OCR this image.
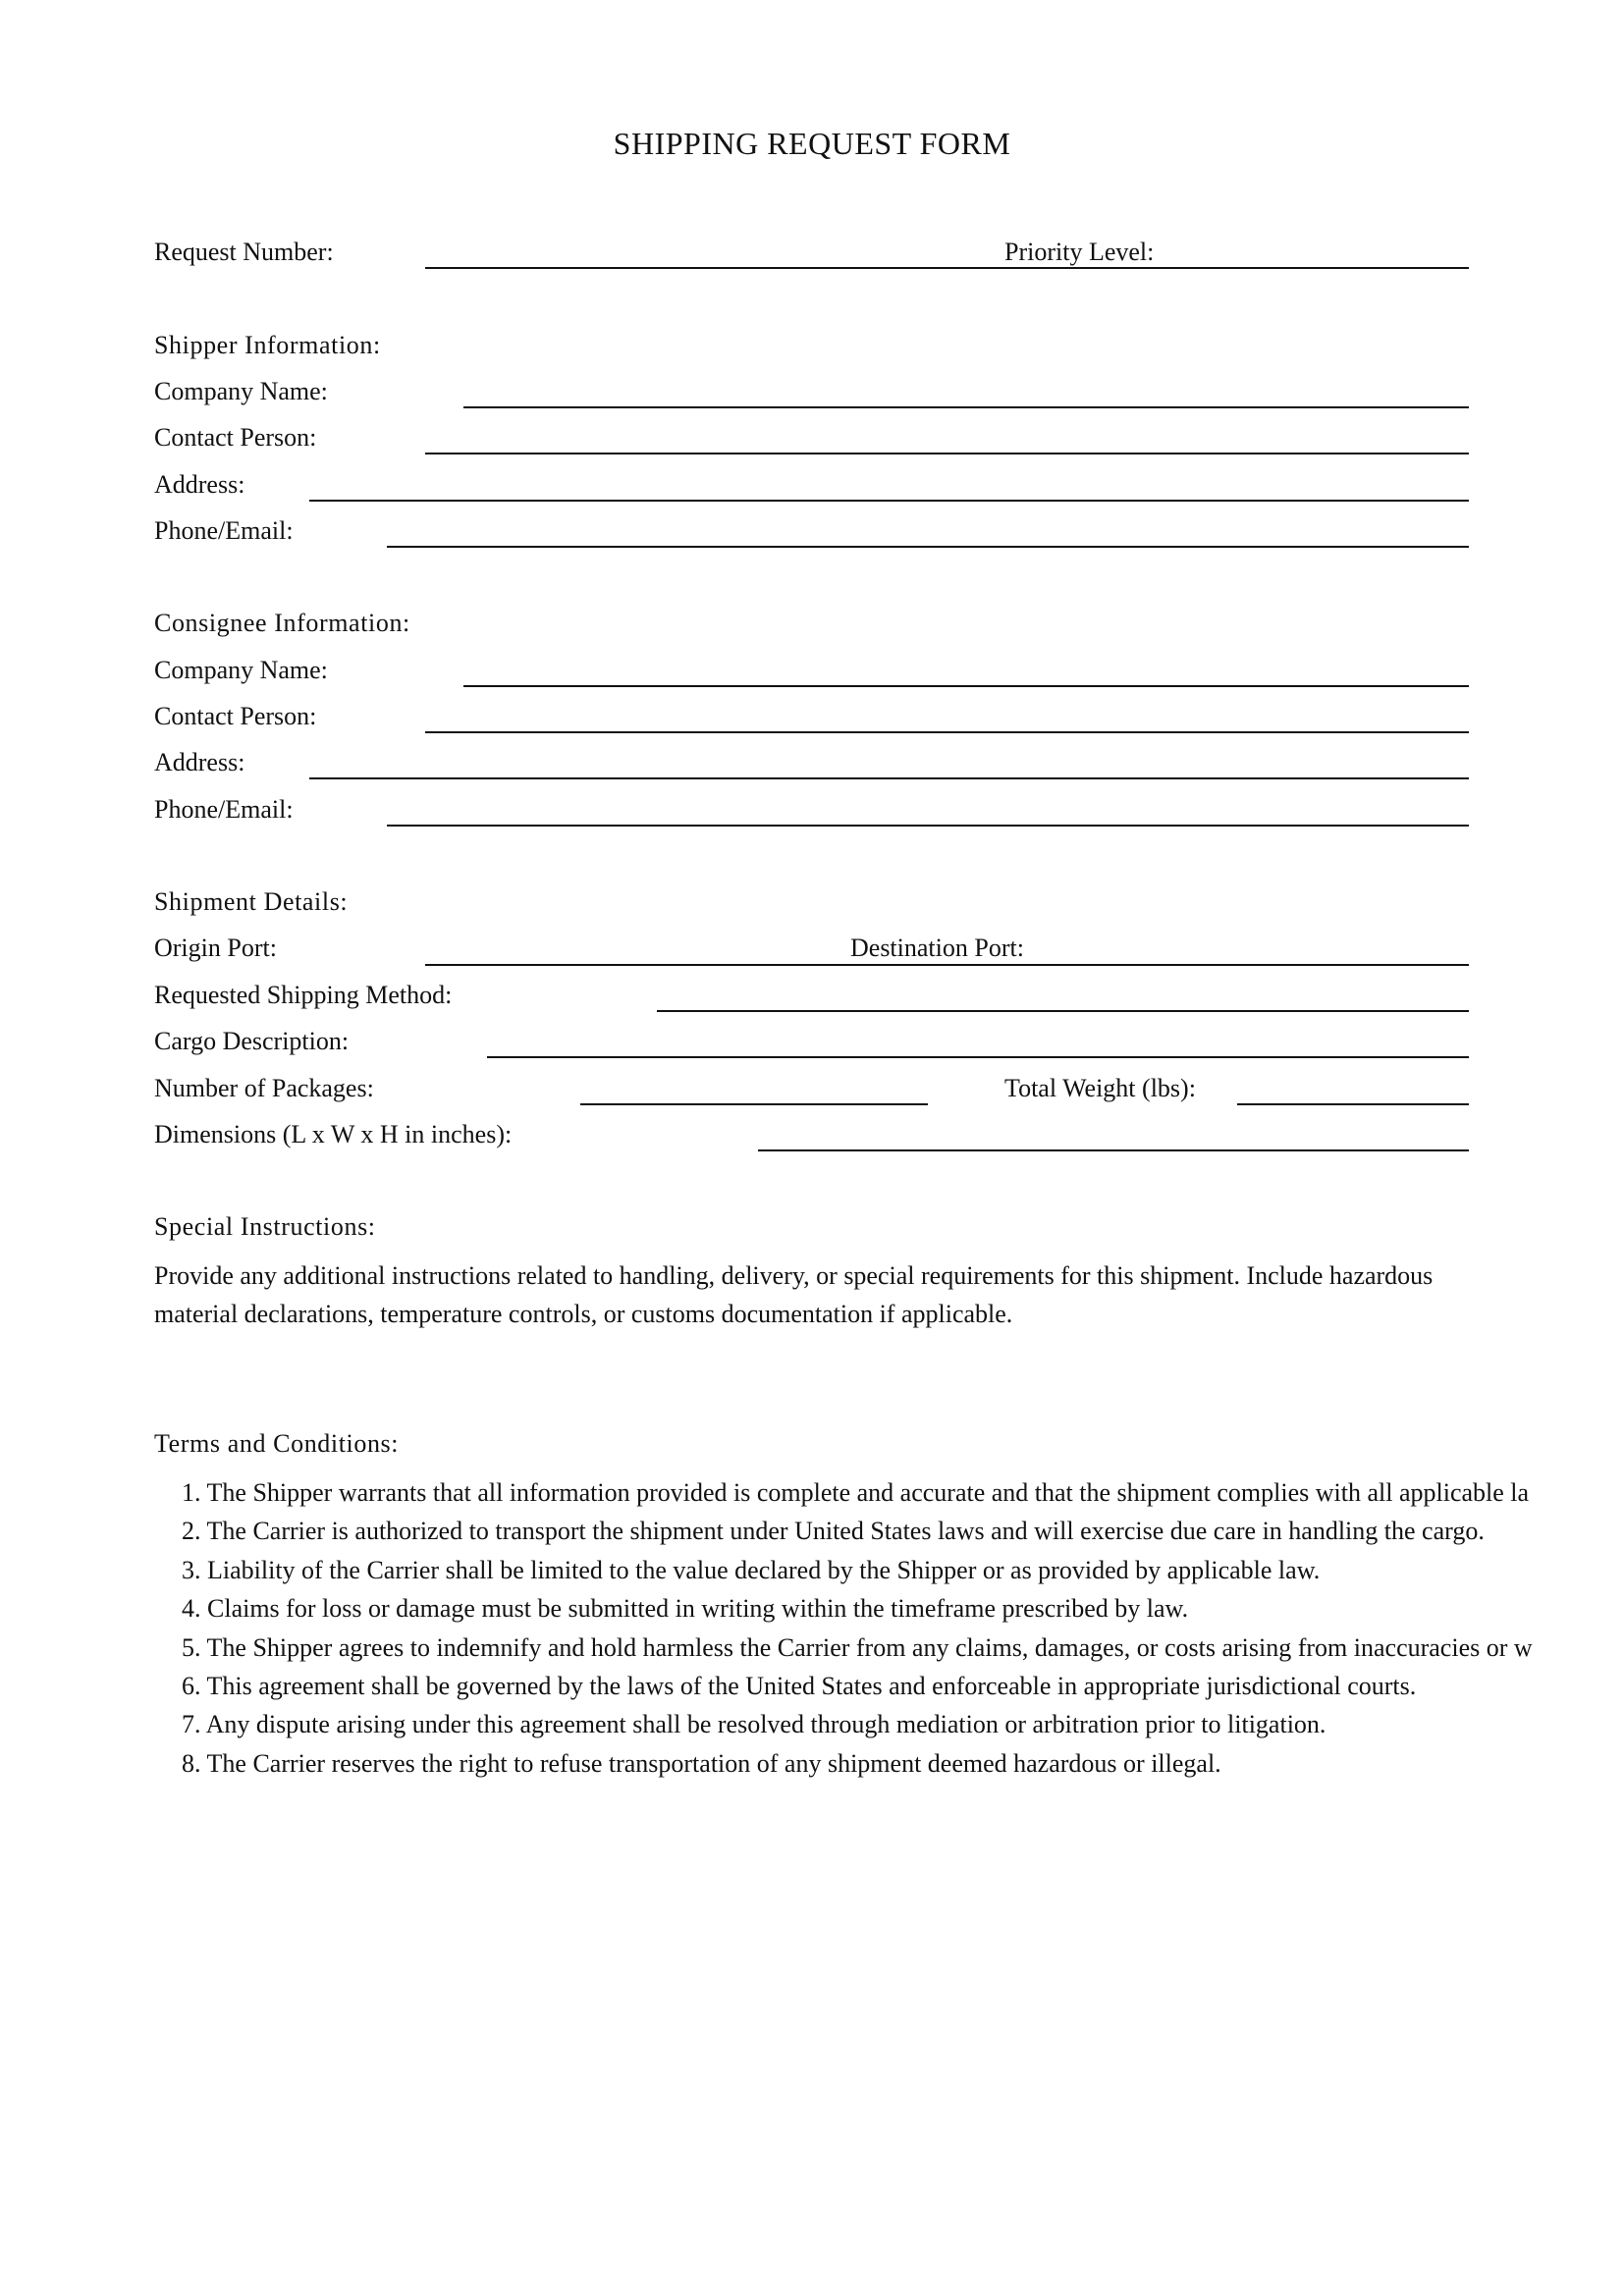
SHIPPING REQUEST FORM
Request Number:	Priority Level:
Shipper Information:
Company Name:
Contact Person:
Address:
Phone/Email:
Consignee Information:
Company Name:
Contact Person:
Address:
Phone/Email:
Shipment Details:
Origin Port:	Destination Port:
Requested Shipping Method:
Cargo Description:
Number of Packages:	Total Weight (lbs):
Dimensions (L x W x H in inches):
Special Instructions:
Provide any additional instructions related to handling, delivery, or special requirements for this shipment. Include hazardous material declarations, temperature controls, or customs documentation if applicable.
Terms and Conditions:
1. The Shipper warrants that all information provided is complete and accurate and that the shipment complies with all applicable la
2. The Carrier is authorized to transport the shipment under United States laws and will exercise due care in handling the cargo.
3. Liability of the Carrier shall be limited to the value declared by the Shipper or as provided by applicable law.
4. Claims for loss or damage must be submitted in writing within the timeframe prescribed by law.
5. The Shipper agrees to indemnify and hold harmless the Carrier from any claims, damages, or costs arising from inaccuracies or w
6. This agreement shall be governed by the laws of the United States and enforceable in appropriate jurisdictional courts.
7. Any dispute arising under this agreement shall be resolved through mediation or arbitration prior to litigation.
8. The Carrier reserves the right to refuse transportation of any shipment deemed hazardous or illegal.
